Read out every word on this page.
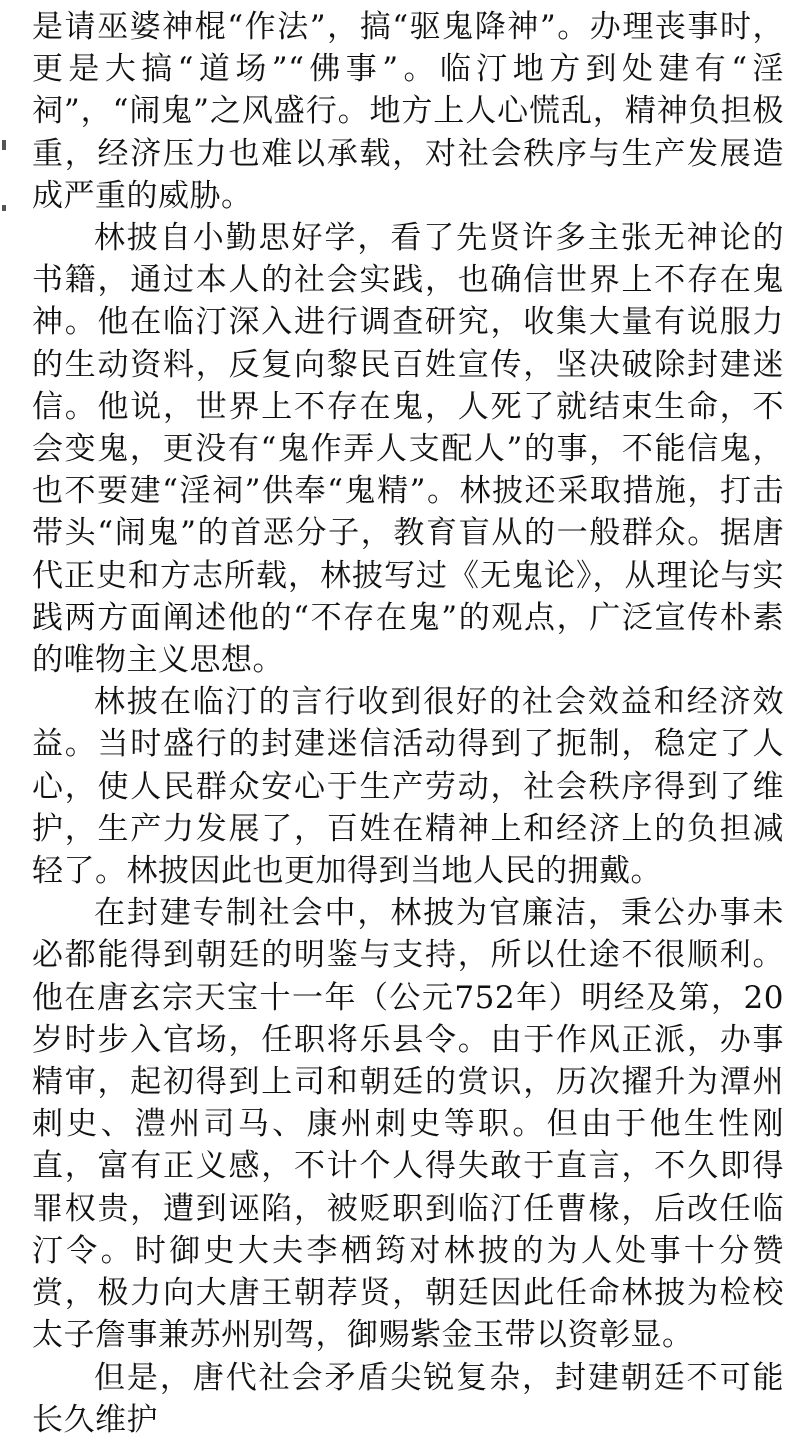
是请巫婆神棍“作法”，搞“驱鬼降神”。办理丧事时，更是大搞“道场”“佛事”。临汀地方到处建有“淫祠”，“闹鬼”之风盛行。地方上人心慌乱，精神负担极重，经济压力也难以承载，对社会秩序与生产发展造成严重的威胁。

林披自小勤思好学，看了先贤许多主张无神论的书籍，通过本人的社会实践，也确信世界上不存在鬼神。他在临汀深入进行调查研究，收集大量有说服力的生动资料，反复向黎民百姓宣传，坚决破除封建迷信。他说，世界上不存在鬼，人死了就结束生命，不会变鬼，更没有“鬼作弄人支配人”的事，不能信鬼，也不要建“淫祠”供奉“鬼精”。林披还采取措施，打击带头“闹鬼”的首恶分子，教育盲从的一般群众。据唐代正史和方志所载，林披写过《无鬼论》，从理论与实践两方面阐述他的“不存在鬼”的观点，广泛宣传朴素的唯物主义思想。

林披在临汀的言行收到很好的社会效益和经济效益。当时盛行的封建迷信活动得到了扼制，稳定了人心，使人民群众安心于生产劳动，社会秩序得到了维护，生产力发展了，百姓在精神上和经济上的负担减轻了。林披因此也更加得到当地人民的拥戴。

在封建专制社会中，林披为官廉洁，秉公办事未必都能得到朝廷的明鉴与支持，所以仕途不很顺利。他在唐玄宗天宝十一年（公元752年）明经及第，20岁时步入官场，任职将乐县令。由于作风正派，办事精审，起初得到上司和朝廷的赏识，历次擢升为潭州刺史、澧州司马、康州刺史等职。但由于他生性刚直，富有正义感，不计个人得失敢于直言，不久即得罪权贵，遭到诬陷，被贬职到临汀任曹椽，后改任临汀令。时御史大夫李栖筠对林披的为人处事十分赞赏，极力向大唐王朝荐贤，朝廷因此任命林披为检校太子詹事兼苏州别驾，御赐紫金玉带以资彰显。

但是，唐代社会矛盾尖锐复杂，封建朝廷不可能长久维护
